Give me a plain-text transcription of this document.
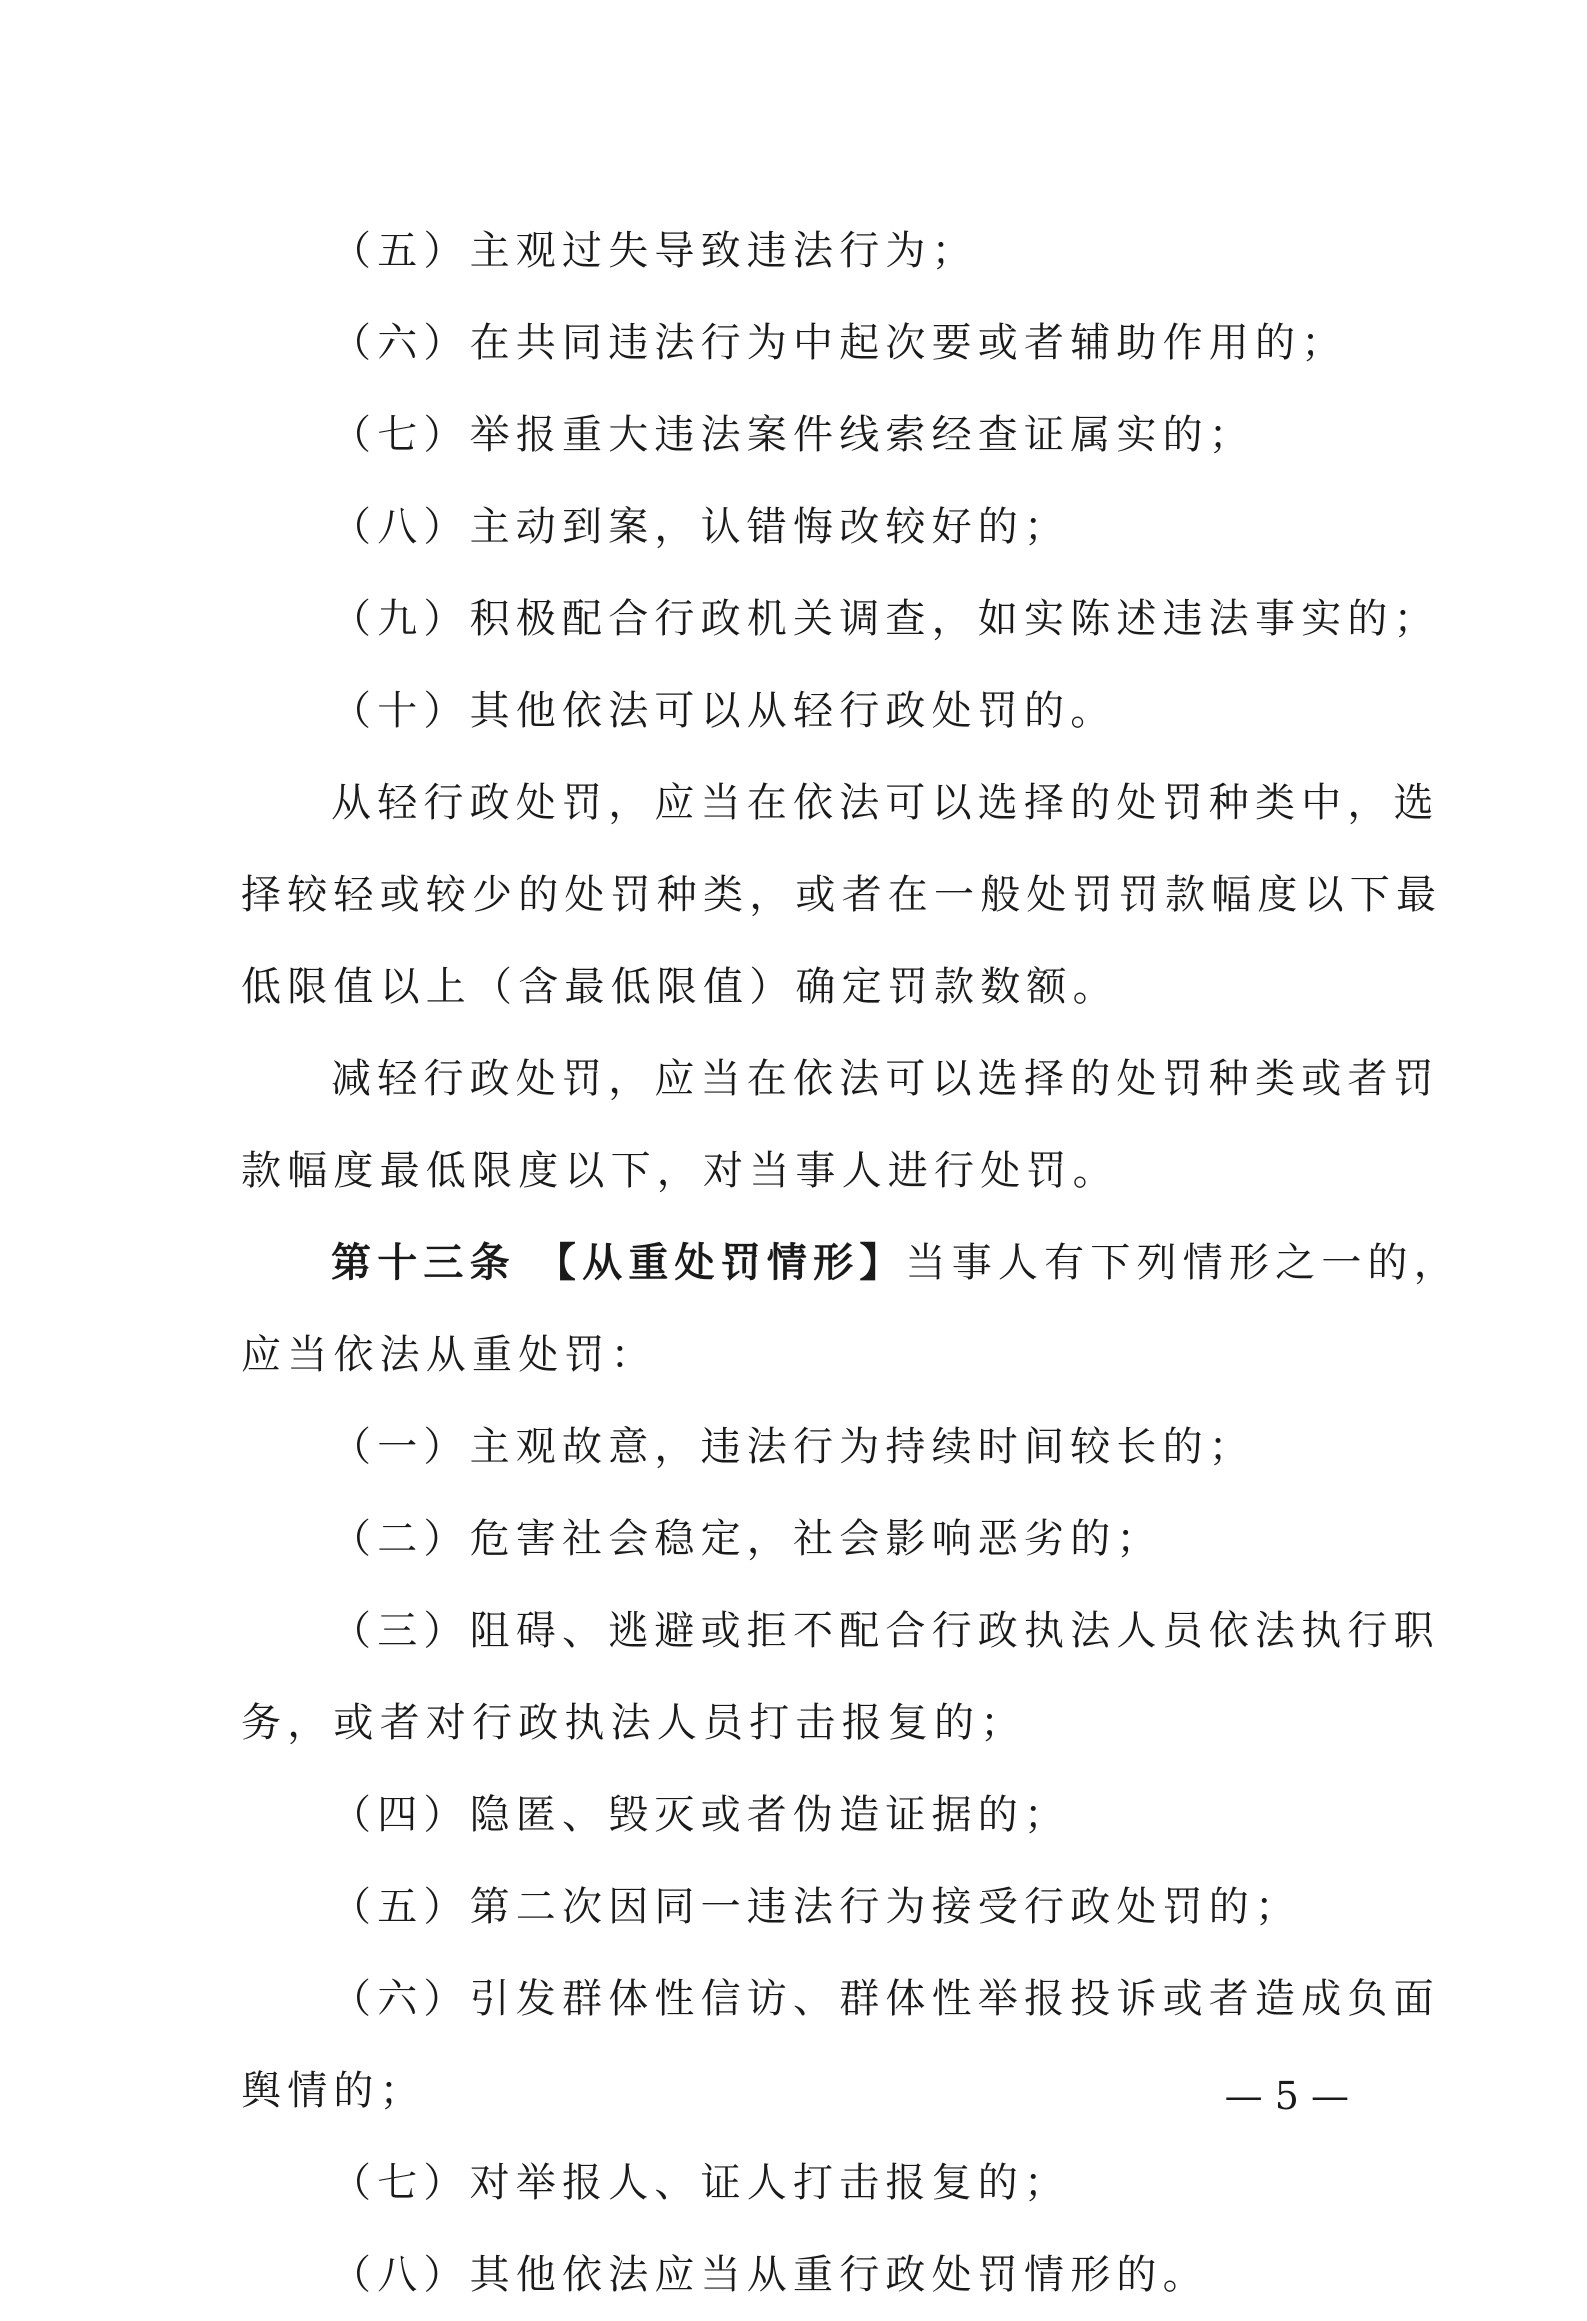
（五）主观过失导致违法行为；
（六）在共同违法行为中起次要或者辅助作用的；
（七）举报重大违法案件线索经查证属实的；
（八）主动到案，认错悔改较好的；
（九）积极配合行政机关调查，如实陈述违法事实的；
（十）其他依法可以从轻行政处罚的。
从轻行政处罚，应当在依法可以选择的处罚种类中，选
择较轻或较少的处罚种类，或者在一般处罚罚款幅度以下最
低限值以上（含最低限值）确定罚款数额。
减轻行政处罚，应当在依法可以选择的处罚种类或者罚
款幅度最低限度以下，对当事人进行处罚。
第十三条 【从重处罚情形】当事人有下列情形之一的，
应当依法从重处罚：
（一）主观故意，违法行为持续时间较长的；
（二）危害社会稳定，社会影响恶劣的；
（三）阻碍、逃避或拒不配合行政执法人员依法执行职
务，或者对行政执法人员打击报复的；
（四）隐匿、毁灭或者伪造证据的；
（五）第二次因同一违法行为接受行政处罚的；
（六）引发群体性信访、群体性举报投诉或者造成负面
舆情的；
（七）对举报人、证人打击报复的；
（八）其他依法应当从重行政处罚情形的。
— 5 —
